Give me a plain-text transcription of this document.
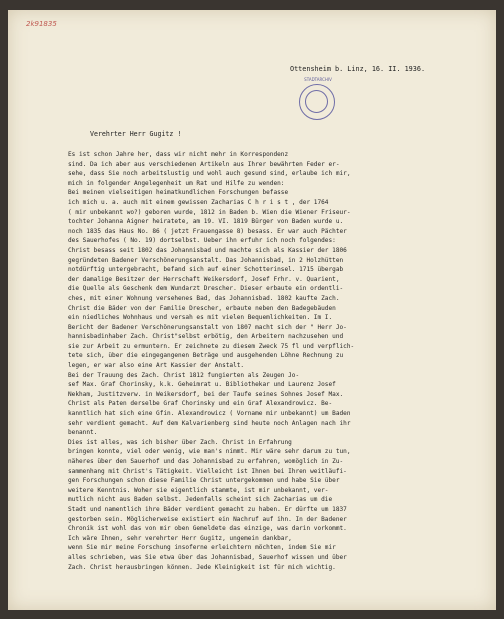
2k91835
Ottensheim b. Linz, 16. II. 1936.
STADTARCHIV
Verehrter Herr Gugitz !
Es ist schon Jahre her, dass wir nicht mehr in Korrespondenz
sind. Da ich aber aus verschiedenen Artikeln aus Ihrer bewährten Feder er-
sehe, dass Sie noch arbeitslustig und wohl auch gesund sind, erlaube ich mir,
mich in folgender Angelegenheit um Rat und Hilfe zu wenden:
Bei meinen vielseitigen heimatkundlichen Forschungen befasse
ich mich u. a. auch mit einem gewissen Zacharias C h r i s t , der 1764
( mir unbekannt wo?) geboren wurde, 1812 in Baden b. Wien die Wiener Friseur-
tochter Johanna Aigner heiratete, am 19. VI. 1819 Bürger von Baden wurde u.
noch 1835 das Haus No. 86 ( jetzt Frauengasse 8) besass. Er war auch Pächter
des Sauerhofes ( No. 19) dortselbst. Ueber ihn erfuhr ich noch folgendes:
Christ besass seit 1802 das Johannisbad und machte sich als Kassier der 1806
gegründeten Badener Verschönerungsanstalt. Das Johannisbad, in 2 Holzhütten
notdürftig untergebracht, befand sich auf einer Schotterinsel. 1715 übergab
der damalige Besitzer der Herrschaft Weikersdorf, Josef Frhr. v. Quarient,
die Quelle als Geschenk dem Wundarzt Drescher. Dieser erbaute ein ordentli-
ches, mit einer Wohnung versehenes Bad, das Johannisbad. 1802 kaufte Zach.
Christ die Bäder von der Familie Drescher, erbaute neben den Badegebäuden
ein niedliches Wohnhaus und versah es mit vielen Bequemlichkeiten. Im I.
Bericht der Badener Verschönerungsanstalt von 1807 macht sich der " Herr Jo-
hannisbadinhaber Zach. Christ"selbst erbötig, den Arbeitern nachzusehen und
sie zur Arbeit zu ermuntern. Er zeichnete zu diesem Zweck 75 fl und verpflich-
tete sich, über die eingegangenen Beträge und ausgehenden Löhne Rechnung zu
legen, er war also eine Art Kassier der Anstalt.
Bei der Trauung des Zach. Christ 1812 fungierten als Zeugen Jo-
sef Max. Graf Chorinsky, k.k. Geheimrat u. Bibliothekar und Laurenz Josef
Nekham, Justitzverw. in Weikersdorf, bei der Taufe seines Sohnes Josef Max.
Christ als Paten derselbe Graf Chorinsky und ein Graf Alexandrowicz. Be-
kanntlich hat sich eine Gfin. Alexandrowicz ( Vorname mir unbekannt) um Baden
sehr verdient gemacht. Auf dem Kalvarienberg sind heute noch Anlagen nach ihr
benannt.
Dies ist alles, was ich bisher über Zach. Christ in Erfahrung
bringen konnte, viel oder wenig, wie man's nimmt. Mir wäre sehr darum zu tun,
näheres über den Sauerhof und das Johannisbad zu erfahren, womöglich in Zu-
sammenhang mit Christ's Tätigkeit. Vielleicht ist Ihnen bei Ihren weitläufi-
gen Forschungen schon diese Familie Christ untergekommen und habe Sie über
weitere Kenntnis. Woher sie eigentlich stammte, ist mir unbekannt, ver-
mutlich nicht aus Baden selbst. Jedenfalls scheint sich Zacharias um die
Stadt und namentlich ihre Bäder verdient gemacht zu haben. Er dürfte um 1837
gestorben sein. Möglicherweise existiert ein Nachruf auf ihn. In der Badener
Chronik ist wohl das von mir oben Gemeldete das einzige, was darin vorkommt.
Ich wäre Ihnen, sehr verehrter Herr Gugitz, ungemein dankbar,
wenn Sie mir meine Forschung insoferne erleichtern möchten, indem Sie mir
alles schrieben, was Sie etwa über das Johannisbad, Sauerhof wissen und über
Zach. Christ herausbringen können. Jede Kleinigkeit ist für mich wichtig.
